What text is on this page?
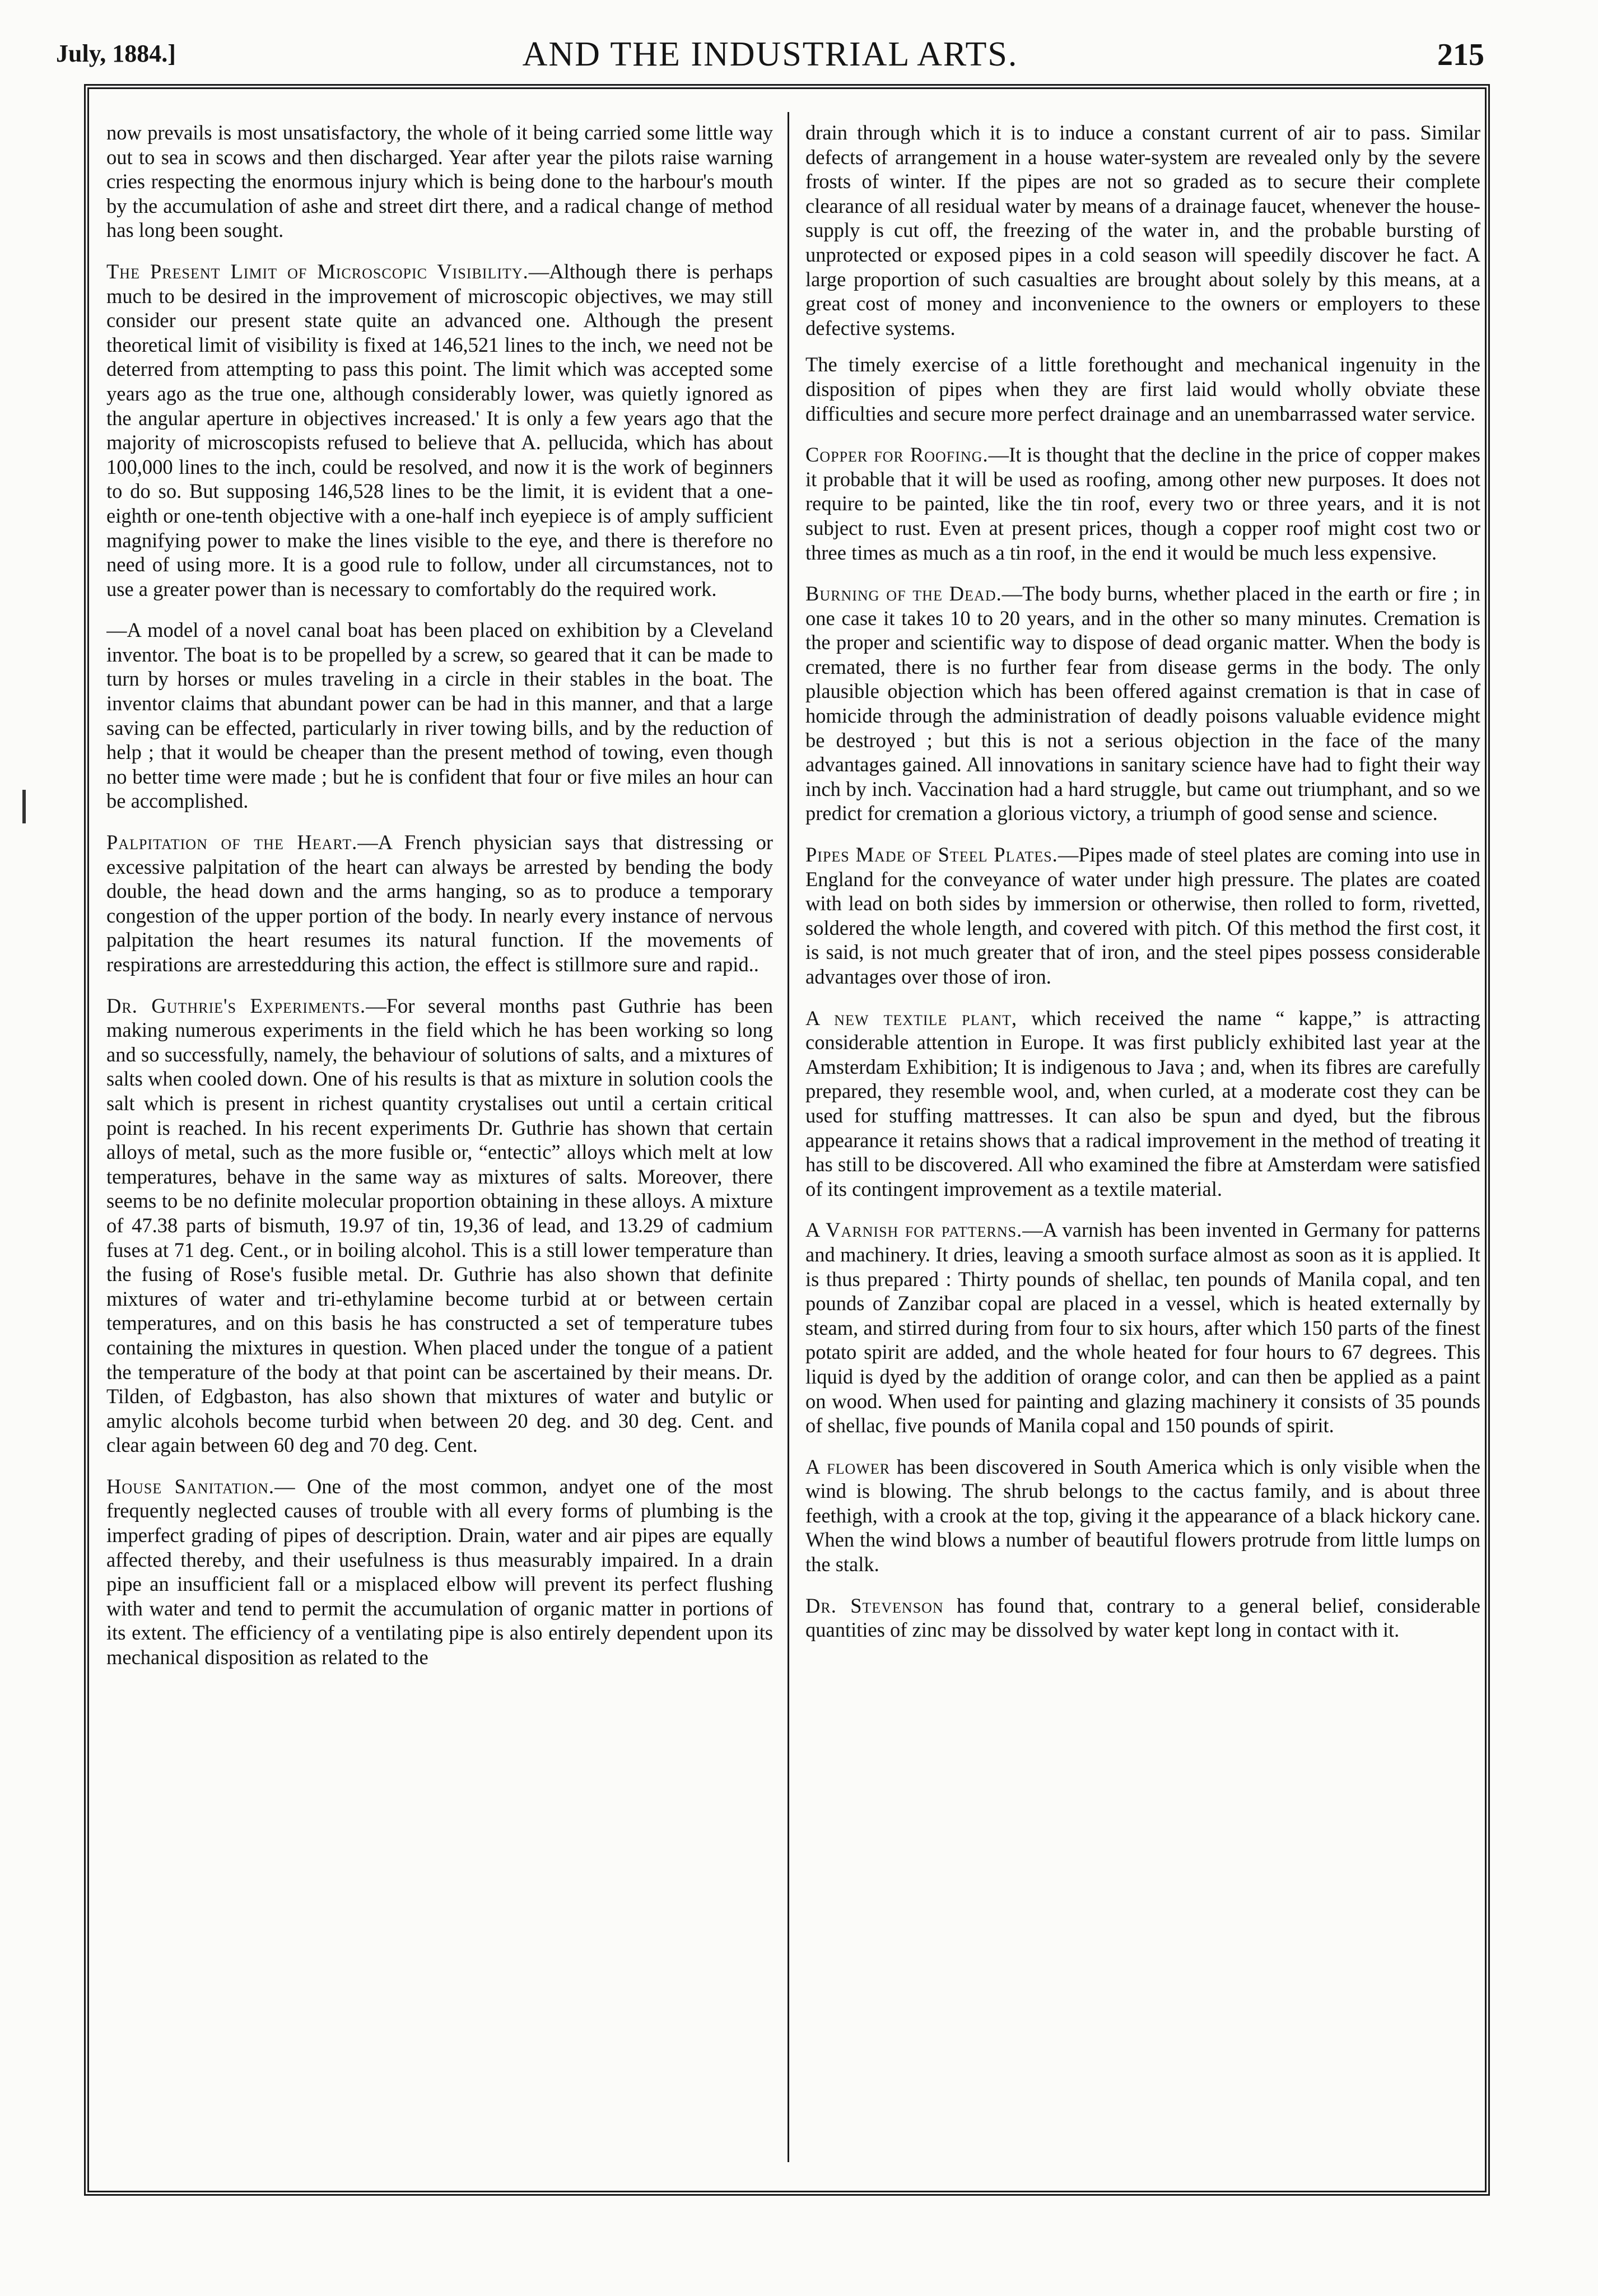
July, 1884.]	AND THE INDUSTRIAL ARTS.	215

now prevails is most unsatisfactory, the whole of it being carried some little way out to sea in scows and then discharged. Year after year the pilots raise warning cries respecting the enormous injury which is being done to the harbour's mouth by the accumulation of ashe and street dirt there, and a radical change of method has long been sought.

The Present Limit of Microscopic Visibility.—Although there is perhaps much to be desired in the improvement of microscopic objectives, we may still consider our present state quite an advanced one. Although the present theoretical limit of visibility is fixed at 146,521 lines to the inch, we need not be deterred from attempting to pass this point. The limit which was accepted some years ago as the true one, although considerably lower, was quietly ignored as the angular aperture in objectives increased.' It is only a few years ago that the majority of microscopists refused to believe that A. pellucida, which has about 100,000 lines to the inch, could be resolved, and now it is the work of beginners to do so. But supposing 146,528 lines to be the limit, it is evident that a one-eighth or one-tenth objective with a one-half inch eyepiece is of amply sufficient magnifying power to make the lines visible to the eye, and there is therefore no need of using more. It is a good rule to follow, under all circumstances, not to use a greater power than is necessary to comfortably do the required work.

—A model of a novel canal boat has been placed on exhibition by a Cleveland inventor. The boat is to be propelled by a screw, so geared that it can be made to turn by horses or mules traveling in a circle in their stables in the boat. The inventor claims that abundant power can be had in this manner, and that a large saving can be effected, particularly in river towing bills, and by the reduction of help ; that it would be cheaper than the present method of towing, even though no better time were made ; but he is confident that four or five miles an hour can be accomplished.

Palpitation of the Heart.—A French physician says that distressing or excessive palpitation of the heart can always be arrested by bending the body double, the head down and the arms hanging, so as to produce a temporary congestion of the upper portion of the body. In nearly every instance of nervous palpitation the heart resumes its natural function. If the movements of respirations are arrestedduring this action, the effect is stillmore sure and rapid..

Dr. Guthrie's Experiments.—For several months past Guthrie has been making numerous experiments in the field which he has been working so long and so successfully, namely, the behaviour of solutions of salts, and a mixtures of salts when cooled down. One of his results is that as mixture in solution cools the salt which is present in richest quantity crystalises out until a certain critical point is reached. In his recent experiments Dr. Guthrie has shown that certain alloys of metal, such as the more fusible or, “entectic” alloys which melt at low temperatures, behave in the same way as mixtures of salts. Moreover, there seems to be no definite molecular proportion obtaining in these alloys. A mixture of 47.38 parts of bismuth, 19.97 of tin, 19,36 of lead, and 13.29 of cadmium fuses at 71 deg. Cent., or in boiling alcohol. This is a still lower temperature than the fusing of Rose's fusible metal. Dr. Guthrie has also shown that definite mixtures of water and tri-ethylamine become turbid at or between certain temperatures, and on this basis he has constructed a set of temperature tubes containing the mixtures in question. When placed under the tongue of a patient the temperature of the body at that point can be ascertained by their means. Dr. Tilden, of Edgbaston, has also shown that mixtures of water and butylic or amylic alcohols become turbid when between 20 deg. and 30 deg. Cent. and clear again between 60 deg and 70 deg. Cent.

House Sanitation.— One of the most common, andyet one of the most frequently neglected causes of trouble with all every forms of plumbing is the imperfect grading of pipes of description. Drain, water and air pipes are equally affected thereby, and their usefulness is thus measurably impaired. In a drain pipe an insufficient fall or a misplaced elbow will prevent its perfect flushing with water and tend to permit the accumulation of organic matter in portions of its extent. The efficiency of a ventilating pipe is also entirely dependent upon its mechanical disposition as related to the

drain through which it is to induce a constant current of air to pass. Similar defects of arrangement in a house water-system are revealed only by the severe frosts of winter. If the pipes are not so graded as to secure their complete clearance of all residual water by means of a drainage faucet, whenever the house-supply is cut off, the freezing of the water in, and the probable bursting of unprotected or exposed pipes in a cold season will speedily discover he fact. A large proportion of such casualties are brought about solely by this means, at a great cost of money and inconvenience to the owners or employers to these defective systems.

The timely exercise of a little forethought and mechanical ingenuity in the disposition of pipes when they are first laid would wholly obviate these difficulties and secure more perfect drainage and an unembarrassed water service.

Copper for Roofing.—It is thought that the decline in the price of copper makes it probable that it will be used as roofing, among other new purposes. It does not require to be painted, like the tin roof, every two or three years, and it is not subject to rust. Even at present prices, though a copper roof might cost two or three times as much as a tin roof, in the end it would be much less expensive.

Burning of the Dead.—The body burns, whether placed in the earth or fire ; in one case it takes 10 to 20 years, and in the other so many minutes. Cremation is the proper and scientific way to dispose of dead organic matter. When the body is cremated, there is no further fear from disease germs in the body. The only plausible objection which has been offered against cremation is that in case of homicide through the administration of deadly poisons valuable evidence might be destroyed ; but this is not a serious objection in the face of the many advantages gained. All innovations in sanitary science have had to fight their way inch by inch. Vaccination had a hard struggle, but came out triumphant, and so we predict for cremation a glorious victory, a triumph of good sense and science.

Pipes Made of Steel Plates.—Pipes made of steel plates are coming into use in England for the conveyance of water under high pressure. The plates are coated with lead on both sides by immersion or otherwise, then rolled to form, rivetted, soldered the whole length, and covered with pitch. Of this method the first cost, it is said, is not much greater that of iron, and the steel pipes possess considerable advantages over those of iron.

A new textile plant, which received the name “ kappe,” is attracting considerable attention in Europe. It was first publicly exhibited last year at the Amsterdam Exhibition; It is indigenous to Java ; and, when its fibres are carefully prepared, they resemble wool, and, when curled, at a moderate cost they can be used for stuffing mattresses. It can also be spun and dyed, but the fibrous appearance it retains shows that a radical improvement in the method of treating it has still to be discovered. All who examined the fibre at Amsterdam were satisfied of its contingent improvement as a textile material.

A Varnish for patterns.—A varnish has been invented in Germany for patterns and machinery. It dries, leaving a smooth surface almost as soon as it is applied. It is thus prepared : Thirty pounds of shellac, ten pounds of Manila copal, and ten pounds of Zanzibar copal are placed in a vessel, which is heated externally by steam, and stirred during from four to six hours, after which 150 parts of the finest potato spirit are added, and the whole heated for four hours to 67 degrees. This liquid is dyed by the addition of orange color, and can then be applied as a paint on wood. When used for painting and glazing machinery it consists of 35 pounds of shellac, five pounds of Manila copal and 150 pounds of spirit.

A flower has been discovered in South America which is only visible when the wind is blowing. The shrub belongs to the cactus family, and is about three feethigh, with a crook at the top, giving it the appearance of a black hickory cane. When the wind blows a number of beautiful flowers protrude from little lumps on the stalk.

Dr. Stevenson has found that, contrary to a general belief, considerable quantities of zinc may be dissolved by water kept long in contact with it.
